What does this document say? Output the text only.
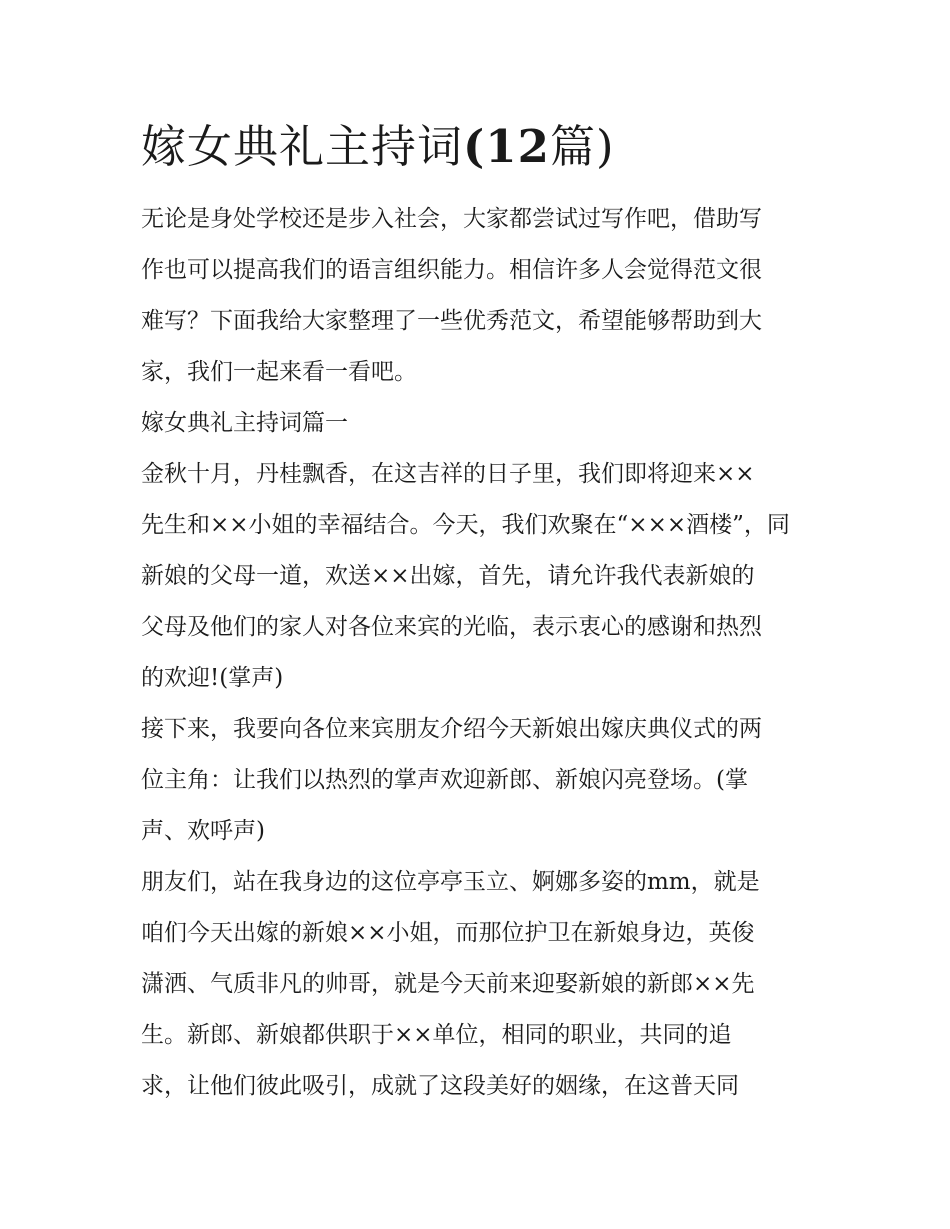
嫁女典礼主持词(12篇)
无论是身处学校还是步入社会，大家都尝试过写作吧，借助写
作也可以提高我们的语言组织能力。相信许多人会觉得范文很
难写？下面我给大家整理了一些优秀范文，希望能够帮助到大
家，我们一起来看一看吧。
嫁女典礼主持词篇一
金秋十月，丹桂飘香，在这吉祥的日子里，我们即将迎来××
先生和××小姐的幸福结合。今天，我们欢聚在“×××酒楼”，同
新娘的父母一道，欢送××出嫁，首先，请允许我代表新娘的
父母及他们的家人对各位来宾的光临，表示衷心的感谢和热烈
的欢迎!(掌声)
接下来，我要向各位来宾朋友介绍今天新娘出嫁庆典仪式的两
位主角：让我们以热烈的掌声欢迎新郎、新娘闪亮登场。(掌
声、欢呼声)
朋友们，站在我身边的这位亭亭玉立、婀娜多姿的mm，就是
咱们今天出嫁的新娘××小姐，而那位护卫在新娘身边，英俊
潇洒、气质非凡的帅哥，就是今天前来迎娶新娘的新郎××先
生。新郎、新娘都供职于××单位，相同的职业，共同的追
求，让他们彼此吸引，成就了这段美好的姻缘，在这普天同
